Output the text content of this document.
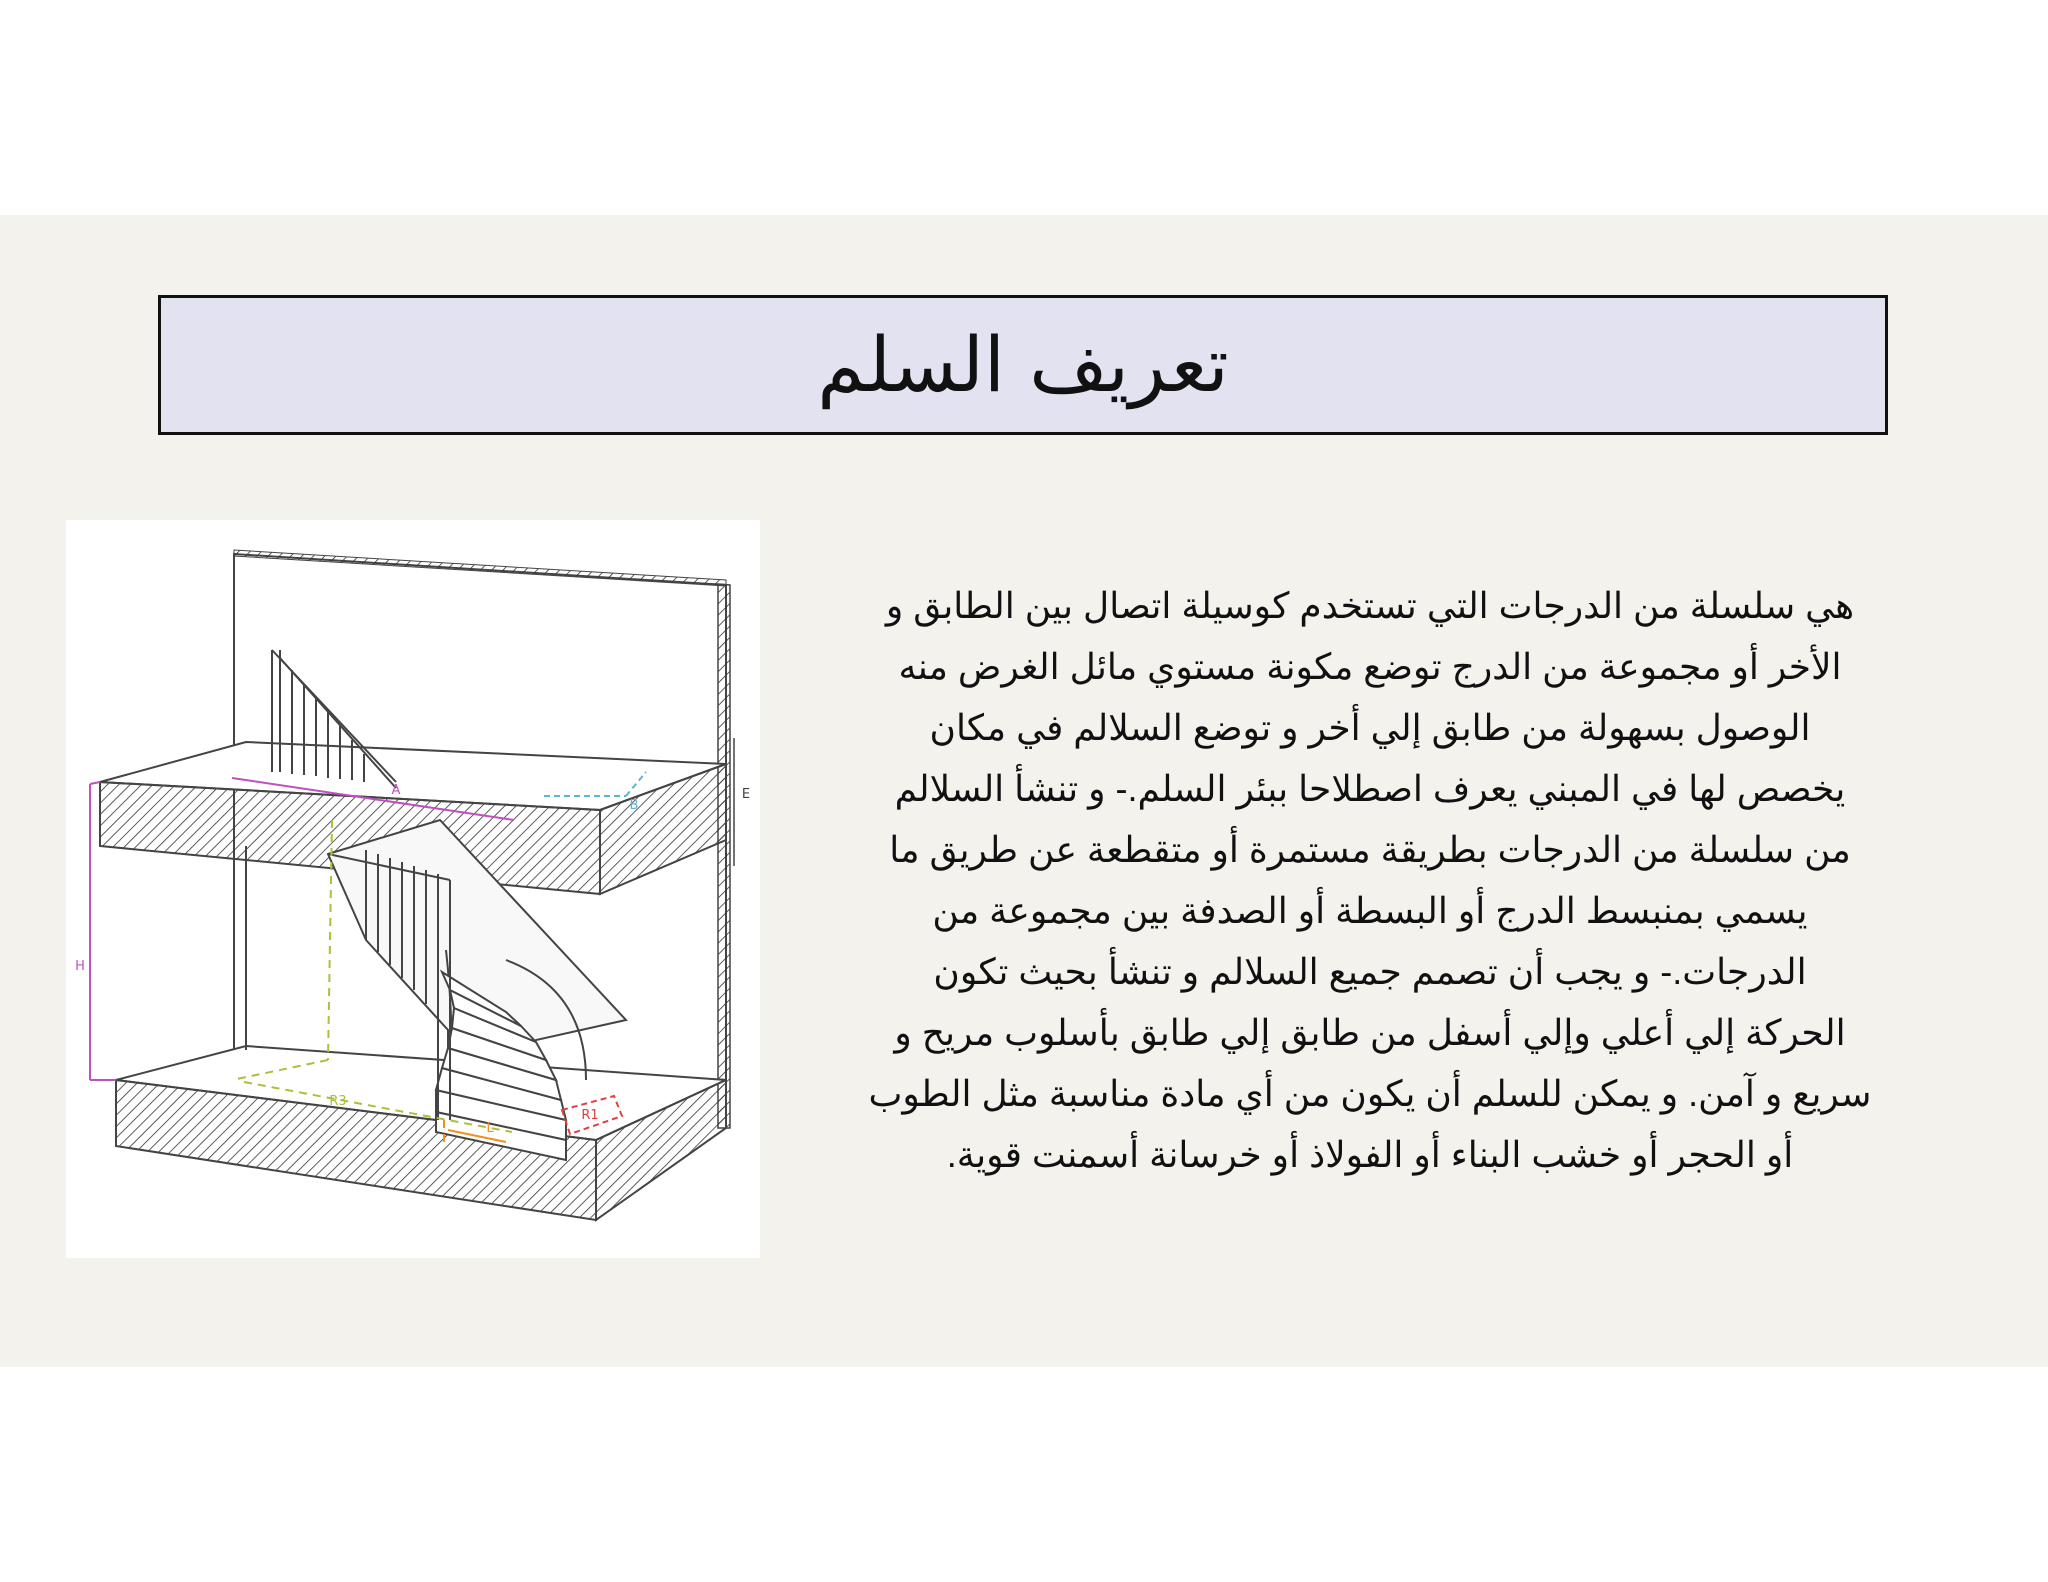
تعريف السلم
A
B
E
H
R3
L
R1
هي سلسلة من الدرجات التي تستخدم كوسيلة اتصال بين الطابق و
الأخر أو مجموعة من الدرج توضع مكونة مستوي مائل الغرض منه
الوصول بسهولة من طابق إلي أخر و توضع السلالم في مكان
يخصص لها في المبني يعرف اصطلاحا ببئر السلم.- و تنشأ السلالم
من سلسلة من الدرجات بطريقة مستمرة أو متقطعة عن طريق ما
يسمي بمنبسط الدرج أو البسطة أو الصدفة بين مجموعة من
الدرجات.- و يجب أن تصمم جميع السلالم و تنشأ بحيث تكون
الحركة إلي أعلي وإلي أسفل من طابق إلي طابق بأسلوب مريح و
سريع و آمن. و يمكن للسلم أن يكون من أي مادة مناسبة مثل الطوب
أو الحجر أو خشب البناء أو الفولاذ أو خرسانة أسمنت قوية.
